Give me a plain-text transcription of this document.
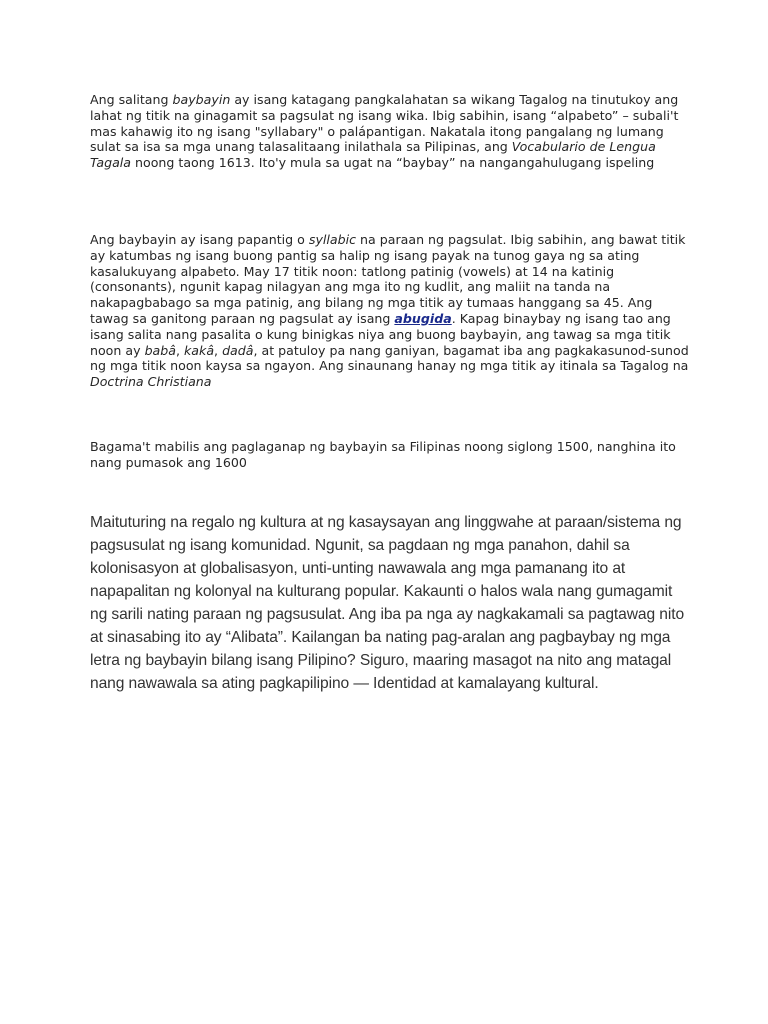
Ang salitang baybayin ay isang katagang pangkalahatan sa wikang Tagalog na tinutukoy ang lahat ng titik na ginagamit sa pagsulat ng isang wika. Ibig sabihin, isang “alpabeto” – subali't mas kahawig ito ng isang "syllabary" o palápantigan. Nakatala itong pangalang ng lumang sulat sa isa sa mga unang talasalitaang inilathala sa Pilipinas, ang Vocabulario de Lengua Tagala noong taong 1613. Ito'y mula sa ugat na “baybay” na nangangahulugang ispeling

Ang baybayin ay isang papantig o syllabic na paraan ng pagsulat. Ibig sabihin, ang bawat titik ay katumbas ng isang buong pantig sa halip ng isang payak na tunog gaya ng sa ating kasalukuyang alpabeto. May 17 titik noon: tatlong patinig (vowels) at 14 na katinig (consonants), ngunit kapag nilagyan ang mga ito ng kudlit, ang maliit na tanda na nakapagbabago sa mga patinig, ang bilang ng mga titik ay tumaas hanggang sa 45. Ang tawag sa ganitong paraan ng pagsulat ay isang abugida. Kapag binaybay ng isang tao ang isang salita nang pasalita o kung binigkas niya ang buong baybayin, ang tawag sa mga titik noon ay babâ, kakâ, dadâ, at patuloy pa nang ganiyan, bagamat iba ang pagkakasunod-sunod ng mga titik noon kaysa sa ngayon. Ang sinaunang hanay ng mga titik ay itinala sa Tagalog na Doctrina Christiana

Bagama't mabilis ang paglaganap ng baybayin sa Filipinas noong siglong 1500, nanghina ito nang pumasok ang 1600

Maituturing na regalo ng kultura at ng kasaysayan ang linggwahe at paraan/sistema ng pagsusulat ng isang komunidad. Ngunit, sa pagdaan ng mga panahon, dahil sa kolonisasyon at globalisasyon, unti-unting nawawala ang mga pamanang ito at napapalitan ng kolonyal na kulturang popular. Kakaunti o halos wala nang gumagamit ng sarili nating paraan ng pagsusulat. Ang iba pa nga ay nagkakamali sa pagtawag nito at sinasabing ito ay “Alibata”. Kailangan ba nating pag-aralan ang pagbaybay ng mga letra ng baybayin bilang isang Pilipino? Siguro, maaring masagot na nito ang matagal nang nawawala sa ating pagkapilipino — Identidad at kamalayang kultural.
